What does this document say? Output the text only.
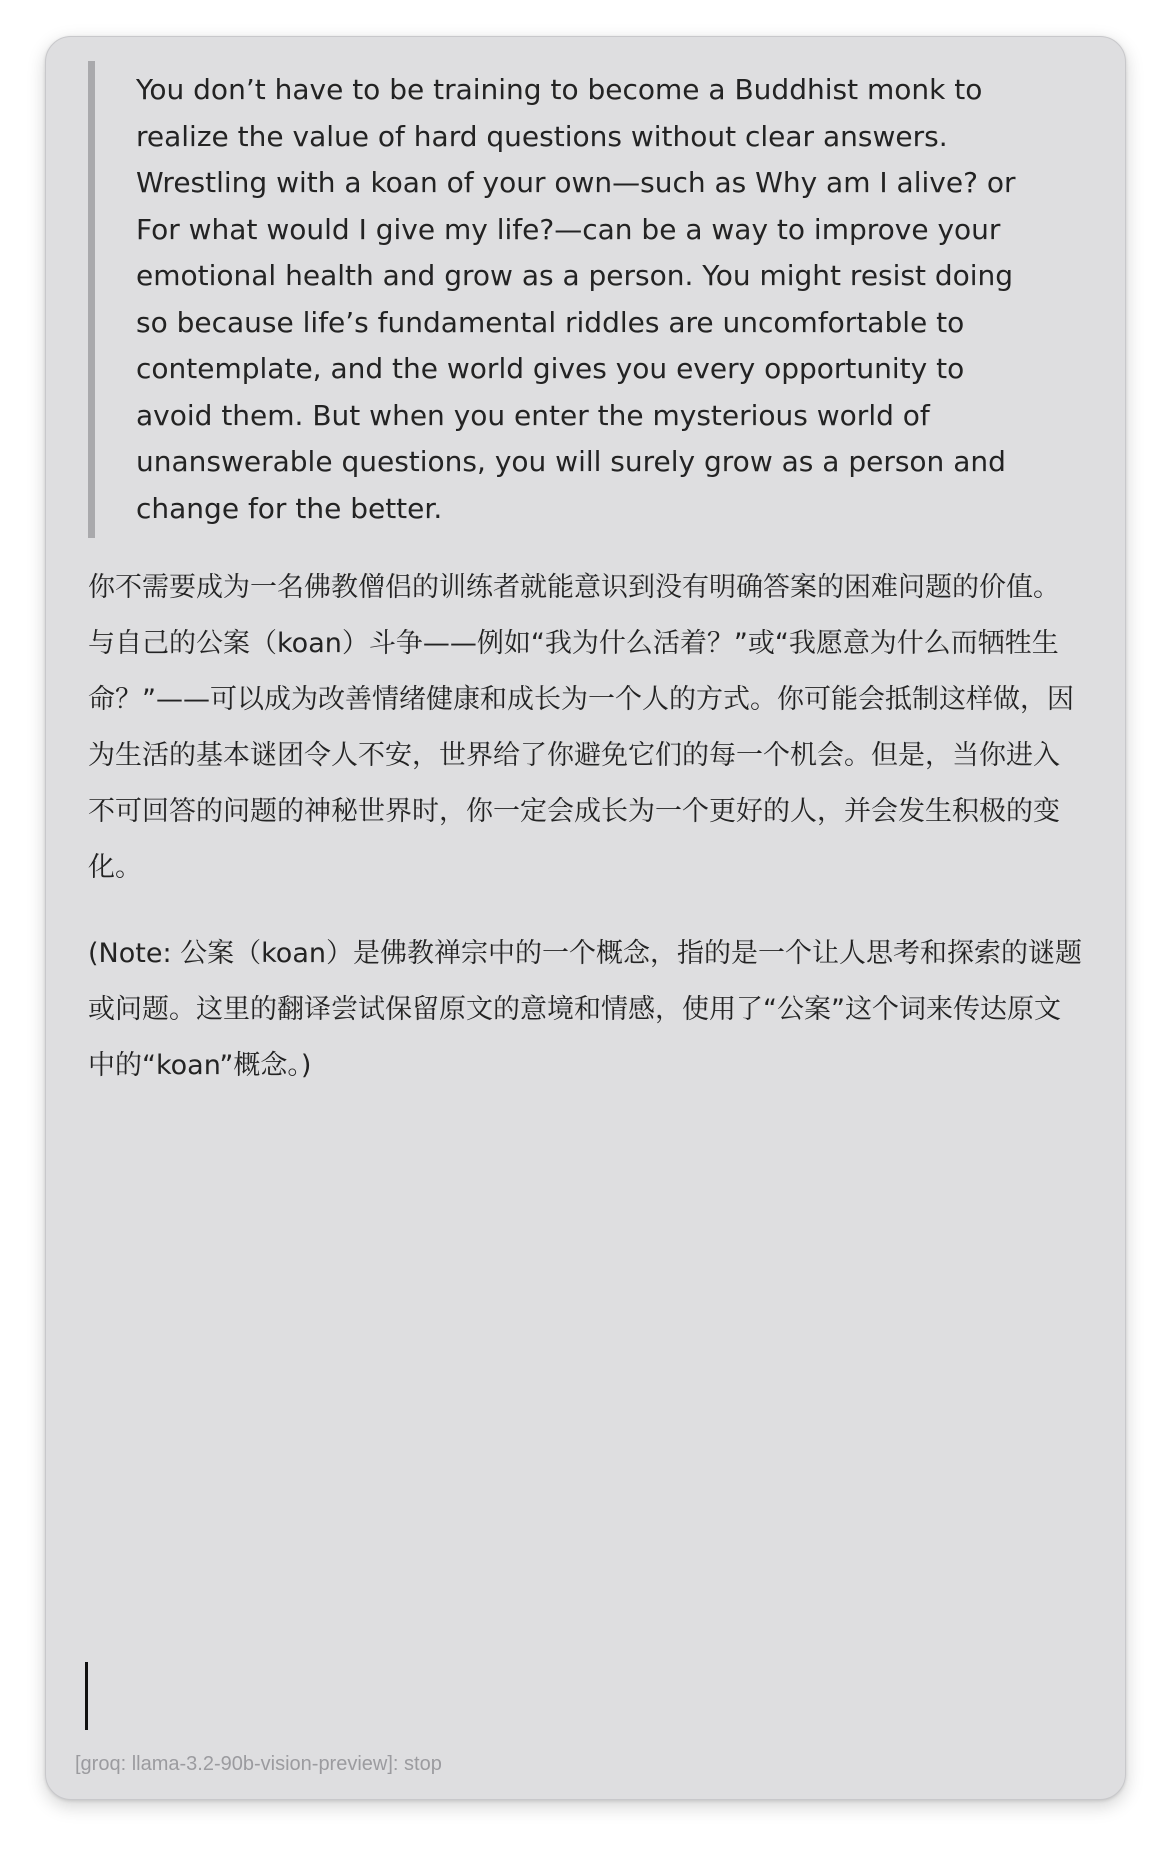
You don’t have to be training to become a Buddhist monk to realize the value of hard questions without clear answers. Wrestling with a koan of your own—such as Why am I alive? or For what would I give my life?—can be a way to improve your emotional health and grow as a person. You might resist doing so because life’s fundamental riddles are uncomfortable to contemplate, and the world gives you every opportunity to avoid them. But when you enter the mysterious world of unanswerable questions, you will surely grow as a person and change for the better.

你不需要成为一名佛教僧侣的训练者就能意识到没有明确答案的困难问题的价值。与自己的公案（koan）斗争——例如“我为什么活着？”或“我愿意为什么而牺牲生命？”——可以成为改善情绪健康和成长为一个人的方式。你可能会抵制这样做，因为生活的基本谜团令人不安，世界给了你避免它们的每一个机会。但是，当你进入不可回答的问题的神秘世界时，你一定会成长为一个更好的人，并会发生积极的变化。

(Note: 公案（koan）是佛教禅宗中的一个概念，指的是一个让人思考和探索的谜题或问题。这里的翻译尝试保留原文的意境和情感，使用了“公案”这个词来传达原文中的“koan”概念。)

[groq: llama-3.2-90b-vision-preview]: stop
